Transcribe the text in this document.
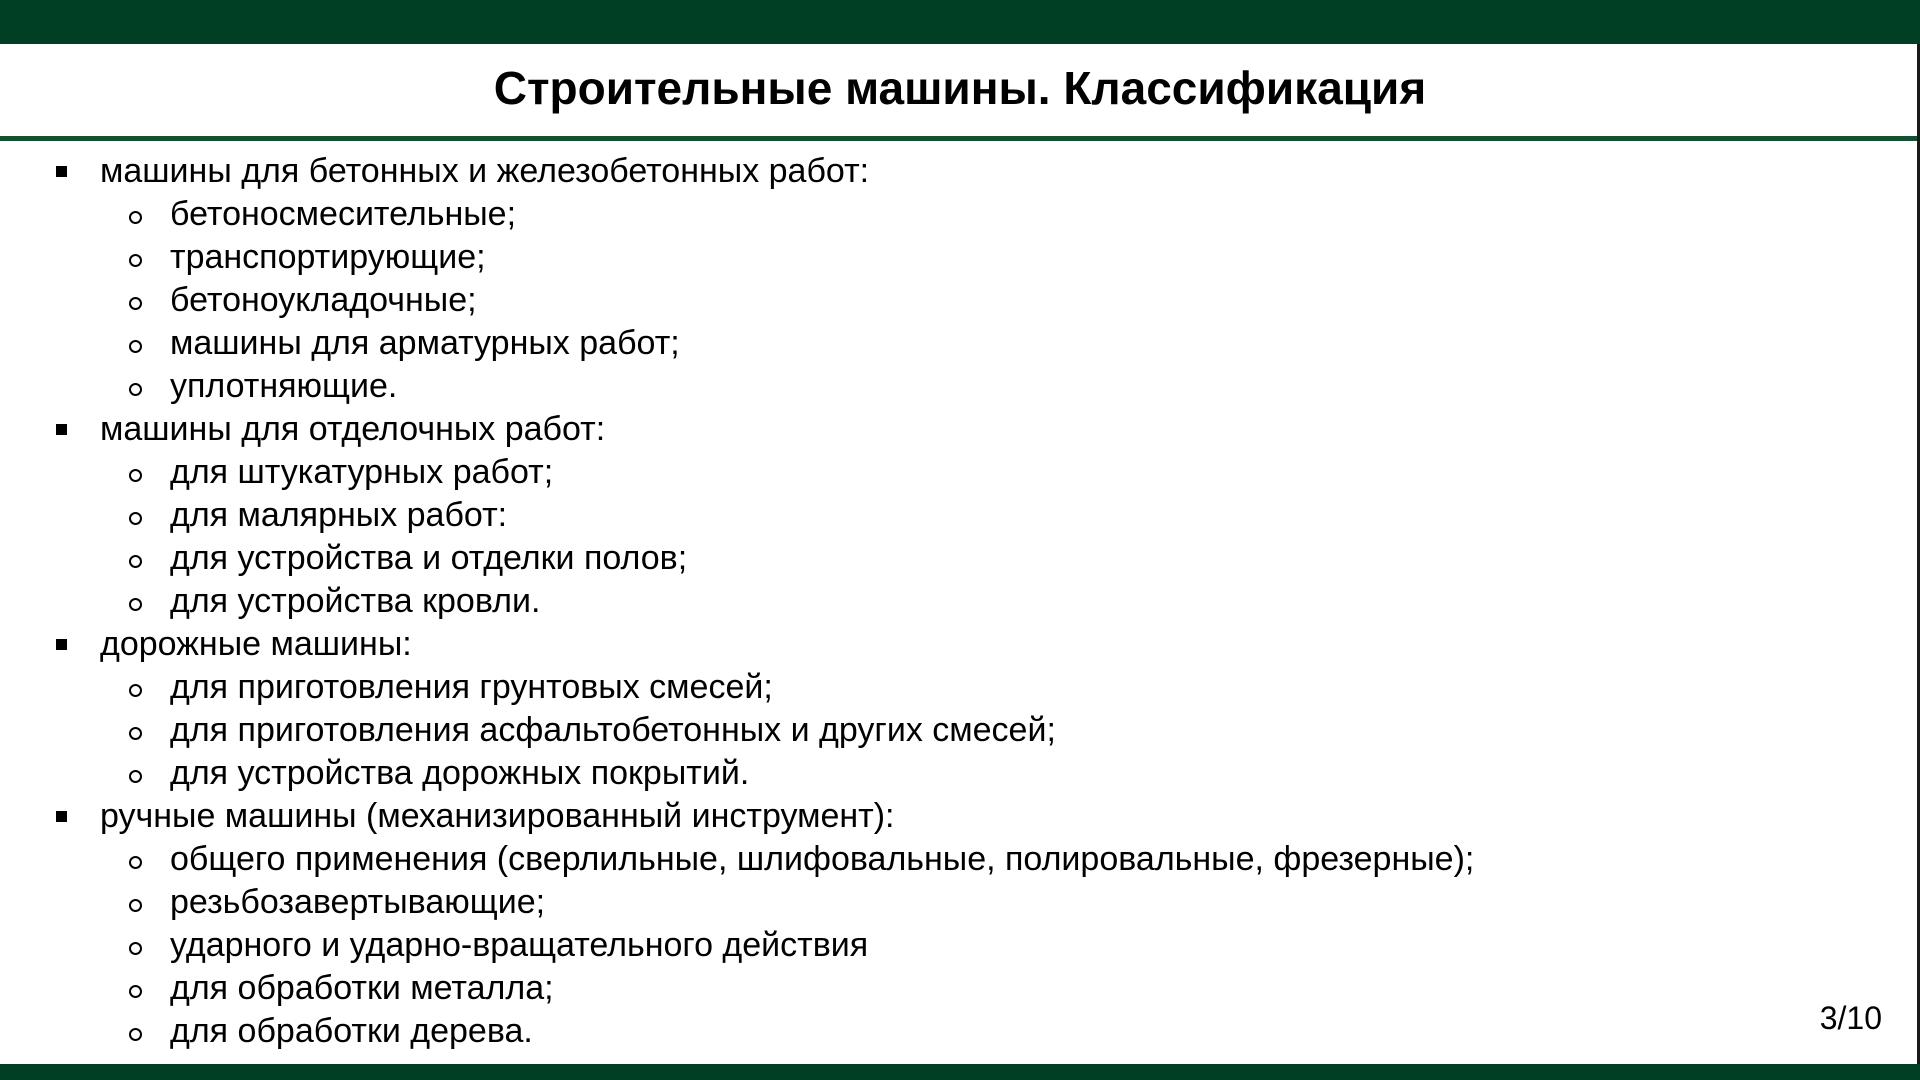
Строительные машины. Классификация
машины для бетонных и железобетонных работ:
бетоносмесительные;
транспортирующие;
бетоноукладочные;
машины для арматурных работ;
уплотняющие.
машины для отделочных работ:
для штукатурных работ;
для малярных работ:
для устройства и отделки полов;
для устройства кровли.
дорожные машины:
для приготовления грунтовых смесей;
для приготовления асфальтобетонных и других смесей;
для устройства дорожных покрытий.
ручные машины (механизированный инструмент):
общего применения (сверлильные, шлифовальные, полировальные, фрезерные);
резьбозавертывающие;
ударного и ударно-вращательного действия
для обработки металла;
для обработки дерева.	3/10
